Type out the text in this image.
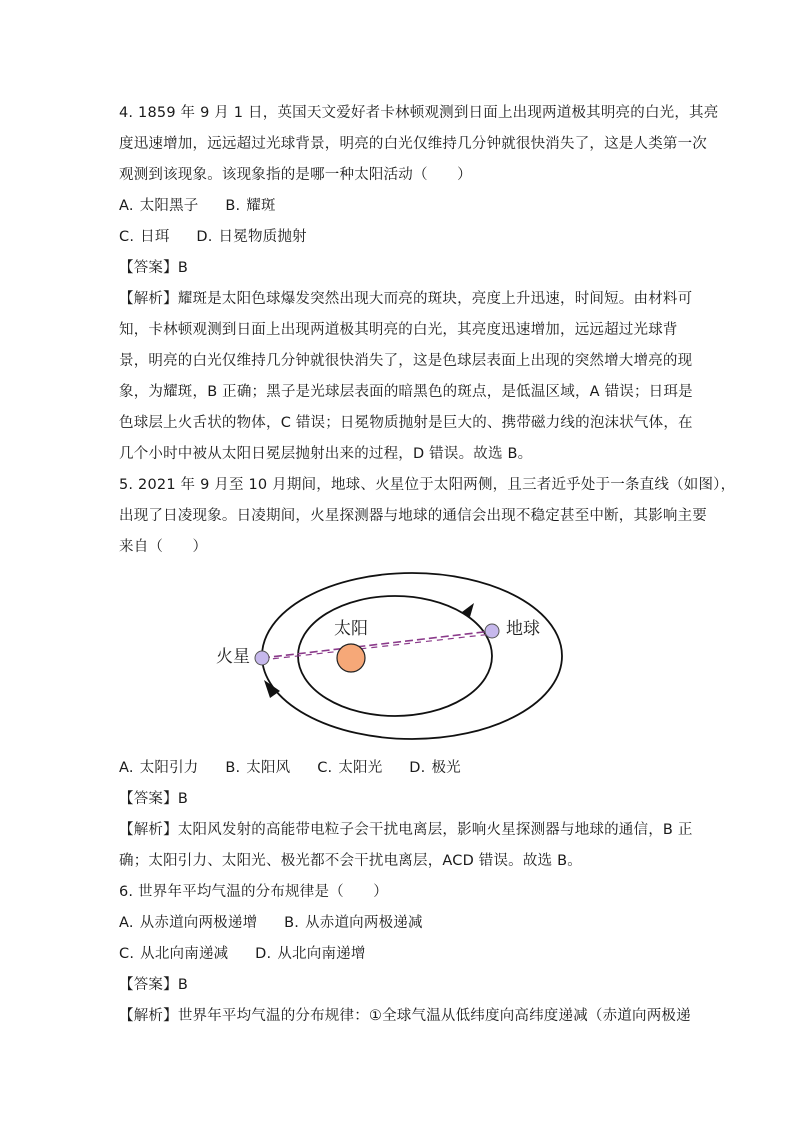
4. 1859 年 9 月 1 日，英国天文爱好者卡林顿观测到日面上出现两道极其明亮的白光，其亮
度迅速增加，远远超过光球背景，明亮的白光仅维持几分钟就很快消失了，这是人类第一次
观测到该现象。该现象指的是哪一种太阳活动（　　）
A. 太阳黑子 B. 耀斑
C. 日珥 D. 日冕物质抛射
【答案】B
【解析】耀斑是太阳色球爆发突然出现大而亮的斑块，亮度上升迅速，时间短。由材料可
知，卡林顿观测到日面上出现两道极其明亮的白光，其亮度迅速增加，远远超过光球背
景，明亮的白光仅维持几分钟就很快消失了，这是色球层表面上出现的突然增大增亮的现
象，为耀斑，B 正确；黑子是光球层表面的暗黑色的斑点，是低温区域，A 错误；日珥是
色球层上火舌状的物体，C 错误；日冕物质抛射是巨大的、携带磁力线的泡沫状气体，在
几个小时中被从太阳日冕层抛射出来的过程，D 错误。故选 B。
5. 2021 年 9 月至 10 月期间，地球、火星位于太阳两侧，且三者近乎处于一条直线（如图），
出现了日凌现象。日凌期间，火星探测器与地球的通信会出现不稳定甚至中断，其影响主要
来自（　　）
太阳	地球
火星
A. 太阳引力 B. 太阳风 C. 太阳光 D. 极光
【答案】B
【解析】太阳风发射的高能带电粒子会干扰电离层，影响火星探测器与地球的通信，B 正
确；太阳引力、太阳光、极光都不会干扰电离层，ACD 错误。故选 B。
6. 世界年平均气温的分布规律是（　　）
A. 从赤道向两极递增 B. 从赤道向两极递减
C. 从北向南递减 D. 从北向南递增
【答案】B
【解析】世界年平均气温的分布规律：①全球气温从低纬度向高纬度递减（赤道向两极递
